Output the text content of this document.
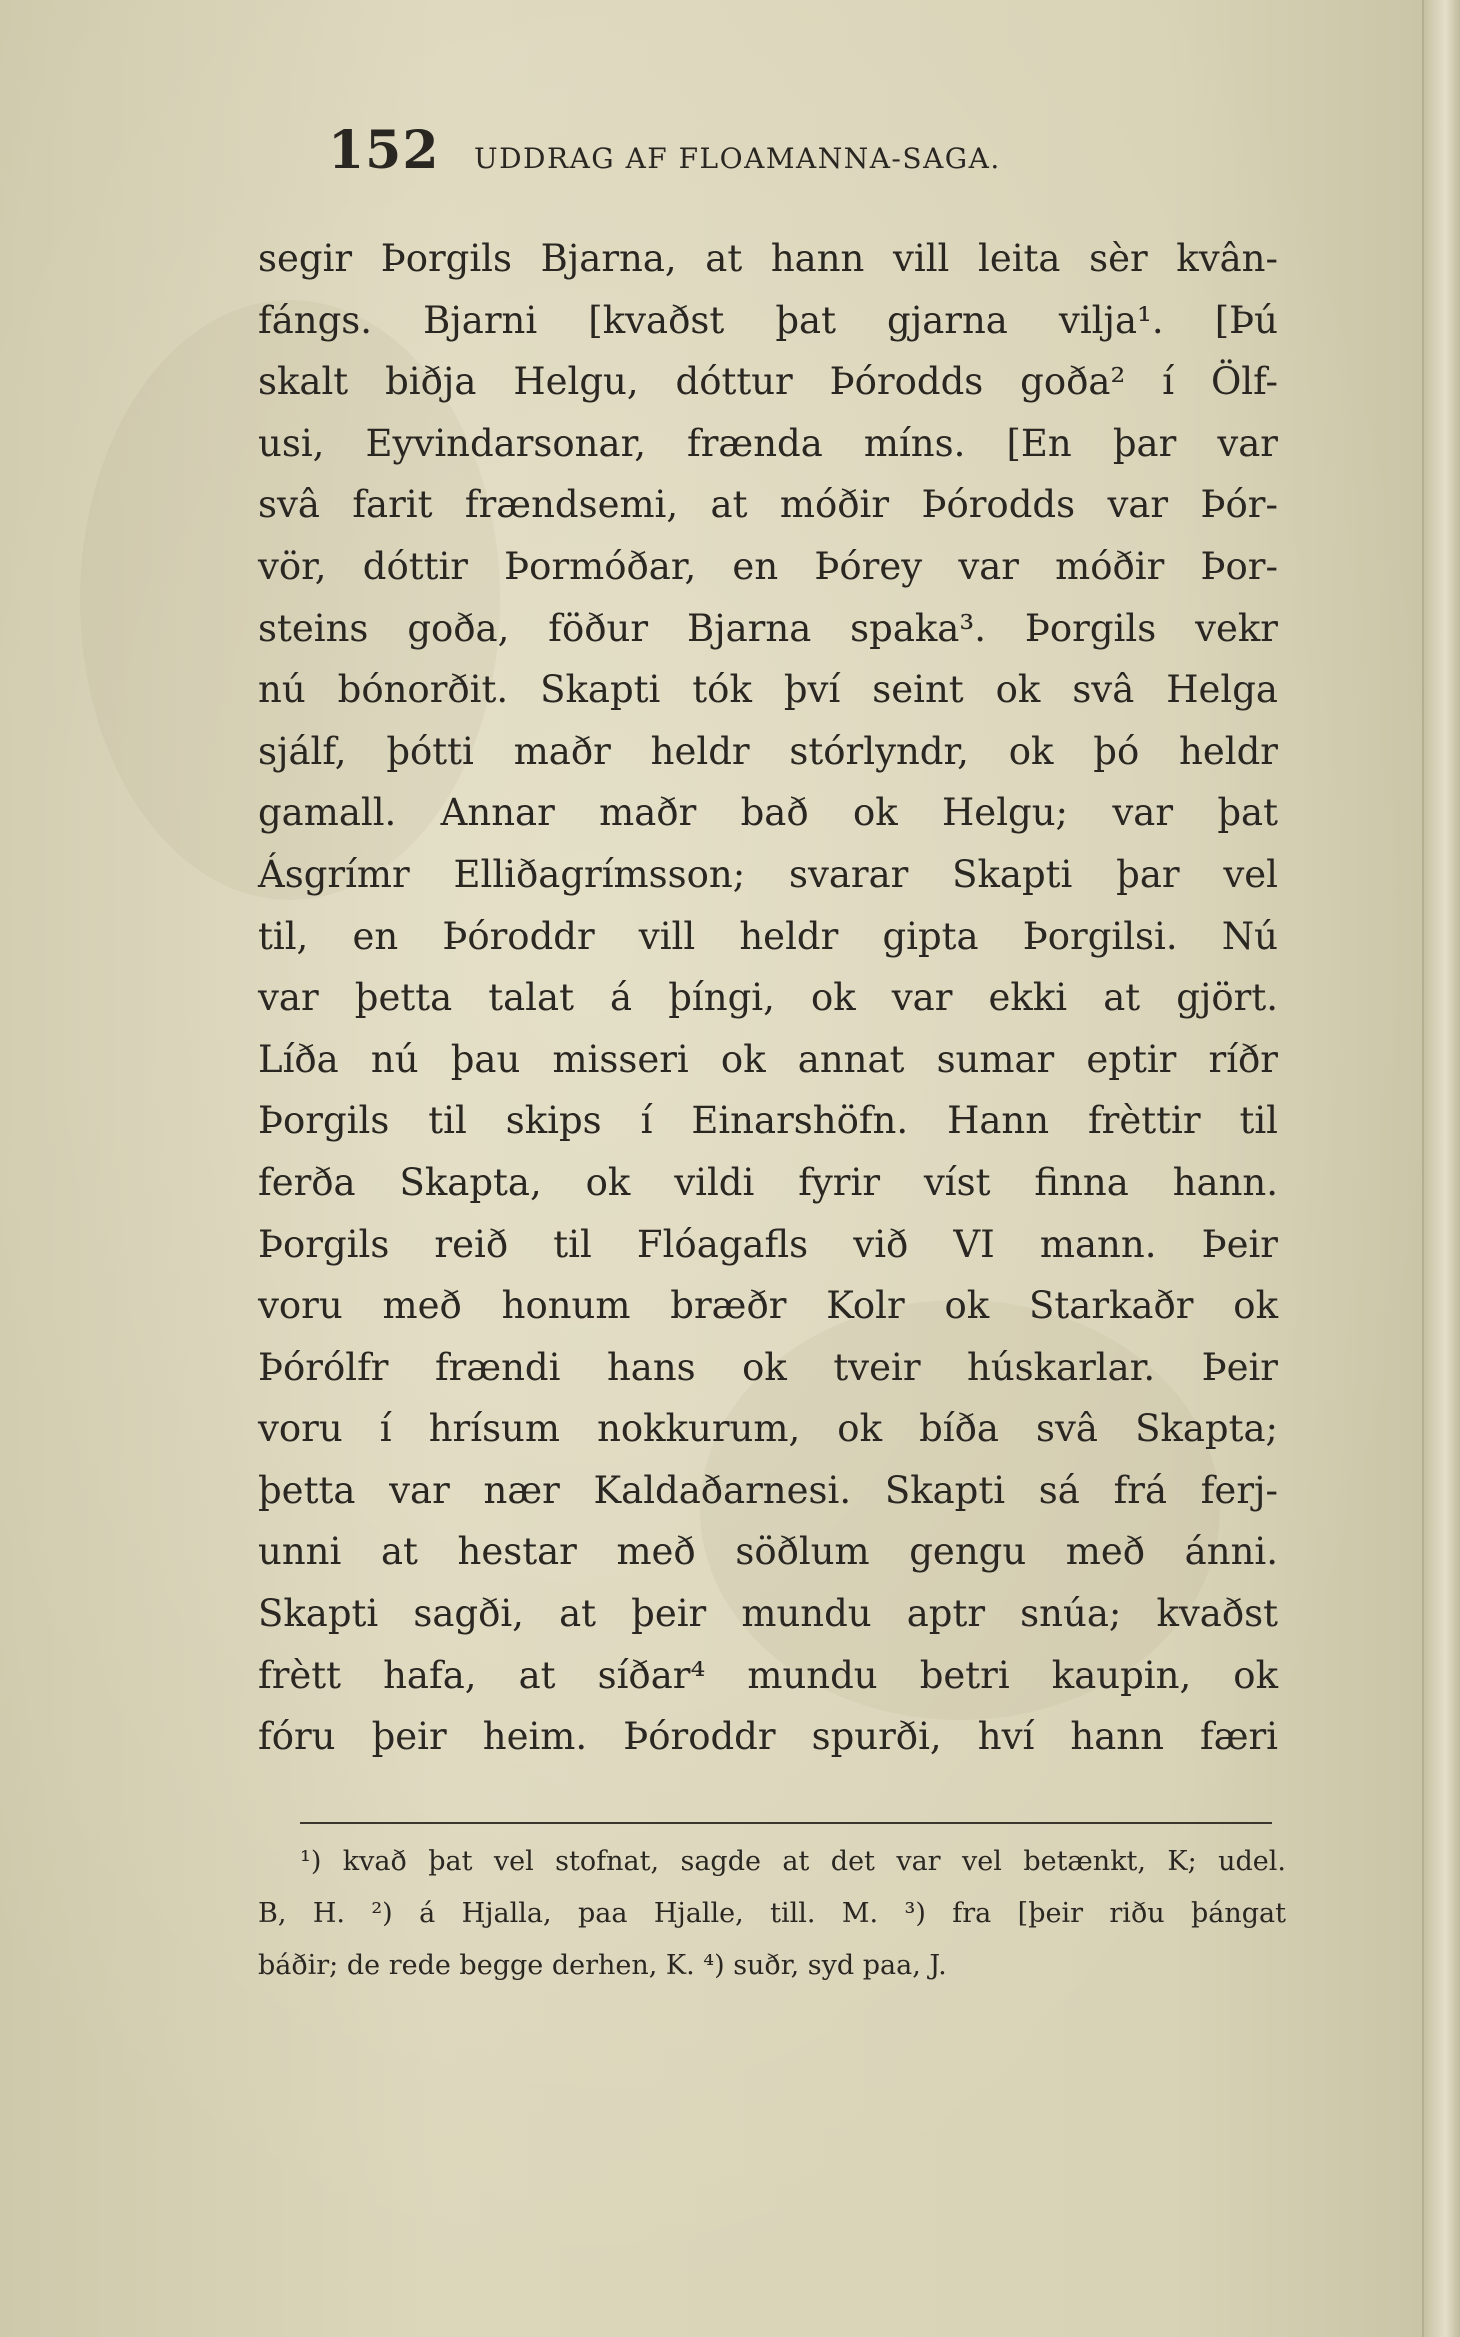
152 UDDRAG AF FLOAMANNA-SAGA.
segir Þorgils Bjarna, at hann vill leita sèr kvân-
fángs. Bjarni [kvaðst þat gjarna vilja¹. [Þú
skalt biðja Helgu, dóttur Þórodds goða² í Ölf-
usi, Eyvindarsonar, frænda míns. [En þar var
svâ farit frændsemi, at móðir Þórodds var Þór-
vör, dóttir Þormóðar, en Þórey var móðir Þor-
steins goða, föður Bjarna spaka³. Þorgils vekr
nú bónorðit. Skapti tók því seint ok svâ Helga
sjálf, þótti maðr heldr stórlyndr, ok þó heldr
gamall. Annar maðr bað ok Helgu; var þat
Ásgrímr Elliðagrímsson; svarar Skapti þar vel
til, en Þóroddr vill heldr gipta Þorgilsi. Nú
var þetta talat á þíngi, ok var ekki at gjört.
Líða nú þau misseri ok annat sumar eptir ríðr
Þorgils til skips í Einarshöfn. Hann frèttir til
ferða Skapta, ok vildi fyrir víst finna hann.
Þorgils reið til Flóagafls við VI mann. Þeir
voru með honum bræðr Kolr ok Starkaðr ok
Þórólfr frændi hans ok tveir húskarlar. Þeir
voru í hrísum nokkurum, ok bíða svâ Skapta;
þetta var nær Kaldaðarnesi. Skapti sá frá ferj-
unni at hestar með söðlum gengu með ánni.
Skapti sagði, at þeir mundu aptr snúa; kvaðst
frètt hafa, at síðar⁴ mundu betri kaupin, ok
fóru þeir heim. Þóroddr spurði, hví hann færi
¹) kvað þat vel stofnat, sagde at det var vel betænkt, K; udel.
B, H. ²) á Hjalla, paa Hjalle, till. M. ³) fra [þeir riðu þángat
báðir; de rede begge derhen, K. ⁴) suðr, syd paa, J.
